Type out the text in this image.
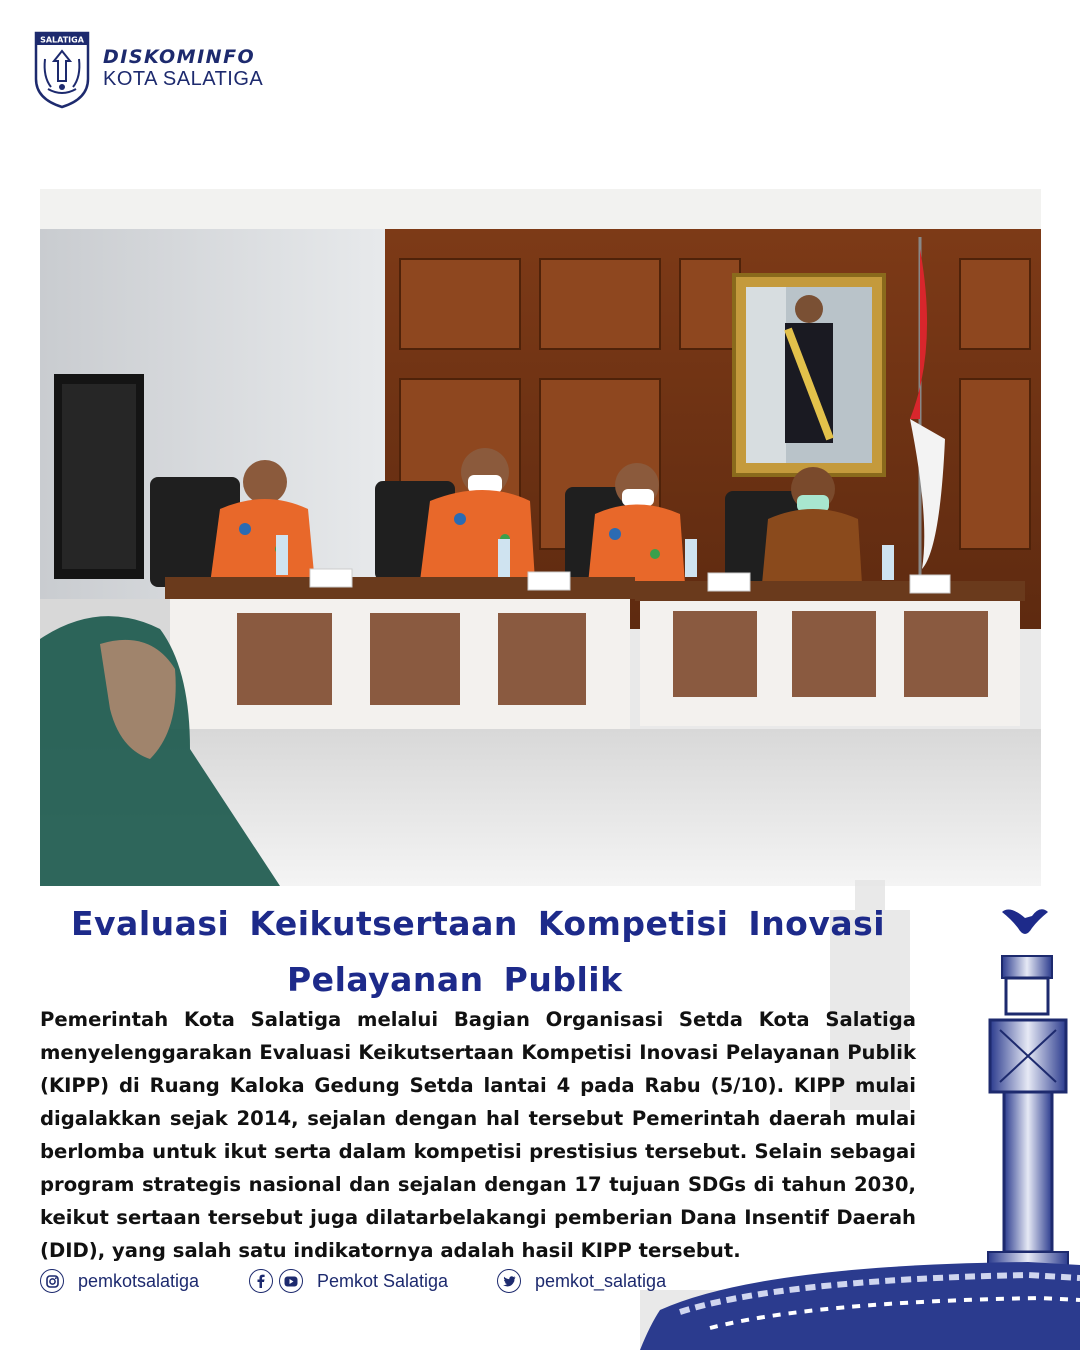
SALATIGA
DISKOMINFO
KOTA SALATIGA
Evaluasi Keikutsertaan Kompetisi Inovasi
Pelayanan Publik
Pemerintah Kota Salatiga melalui Bagian Organisasi Setda Kota Salatiga menyelenggarakan Evaluasi Keikutsertaan Kompetisi Inovasi Pelayanan Publik (KIPP) di Ruang Kaloka Gedung Setda lantai 4 pada Rabu (5/10). KIPP mulai digalakkan sejak 2014, sejalan dengan hal tersebut Pemerintah daerah mulai berlomba untuk ikut serta dalam kompetisi prestisius tersebut. Selain sebagai program strategis nasional dan sejalan dengan 17 tujuan SDGs di tahun 2030, keikut sertaan tersebut juga dilatarbelakangi pemberian Dana Insentif Daerah (DID), yang salah satu indikatornya adalah hasil KIPP tersebut.
pemkotsalatiga	Pemkot Salatiga	pemkot_salatiga
